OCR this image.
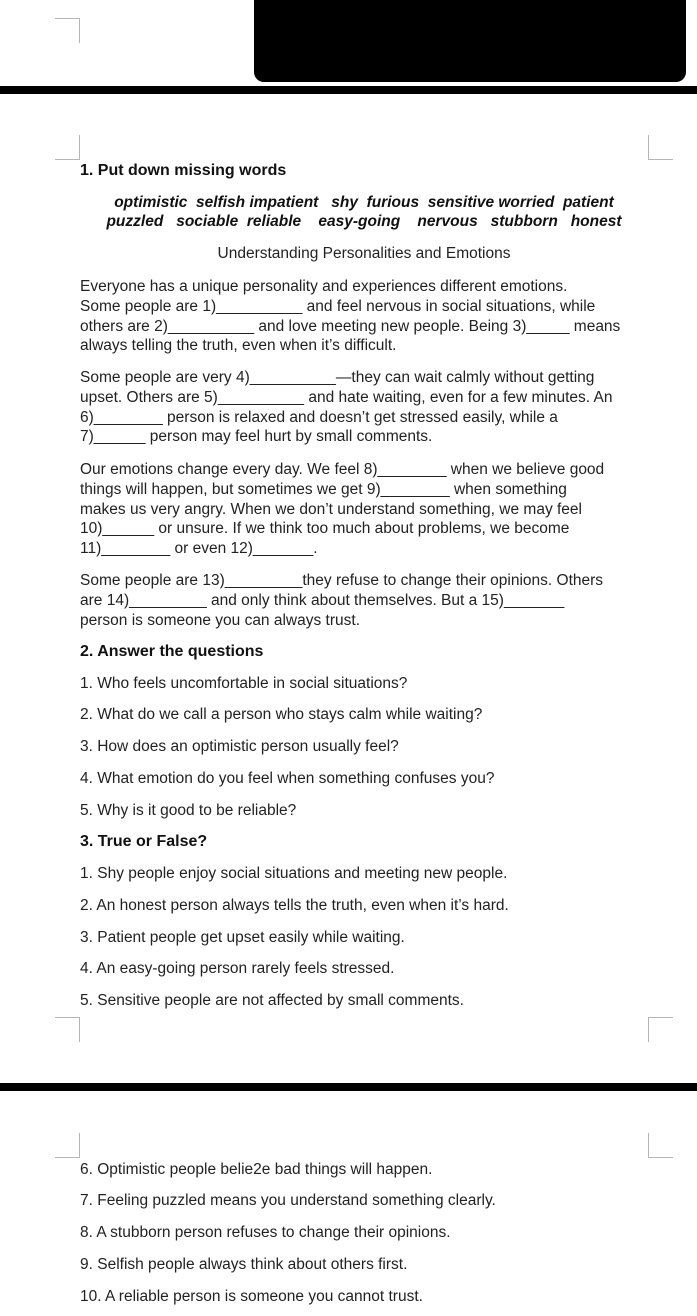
1. Put down missing words
optimistic  selfish impatient   shy  furious  sensitive worried  patient
puzzled   sociable  reliable    easy-going    nervous   stubborn   honest
Understanding Personalities and Emotions
Everyone has a unique personality and experiences different emotions.
Some people are 1)__________ and feel nervous in social situations, while
others are 2)__________ and love meeting new people. Being 3)_____ means
always telling the truth, even when it’s difficult.
Some people are very 4)__________—they can wait calmly without getting
upset. Others are 5)__________ and hate waiting, even for a few minutes. An
6)________ person is relaxed and doesn’t get stressed easily, while a
7)______ person may feel hurt by small comments.
Our emotions change every day. We feel 8)________ when we believe good
things will happen, but sometimes we get 9)________ when something
makes us very angry. When we don’t understand something, we may feel
10)______ or unsure. If we think too much about problems, we become
11)________ or even 12)_______.
Some people are 13)_________they refuse to change their opinions. Others
are 14)_________ and only think about themselves. But a 15)_______
person is someone you can always trust.
2. Answer the questions
1. Who feels uncomfortable in social situations?
2. What do we call a person who stays calm while waiting?
3. How does an optimistic person usually feel?
4. What emotion do you feel when something confuses you?
5. Why is it good to be reliable?
3. True or False?
1. Shy people enjoy social situations and meeting new people.
2. An honest person always tells the truth, even when it’s hard.
3. Patient people get upset easily while waiting.
4. An easy-going person rarely feels stressed.
5. Sensitive people are not affected by small comments.
6. Optimistic people belie2e bad things will happen.
7. Feeling puzzled means you understand something clearly.
8. A stubborn person refuses to change their opinions.
9. Selfish people always think about others first.
10. A reliable person is someone you cannot trust.
